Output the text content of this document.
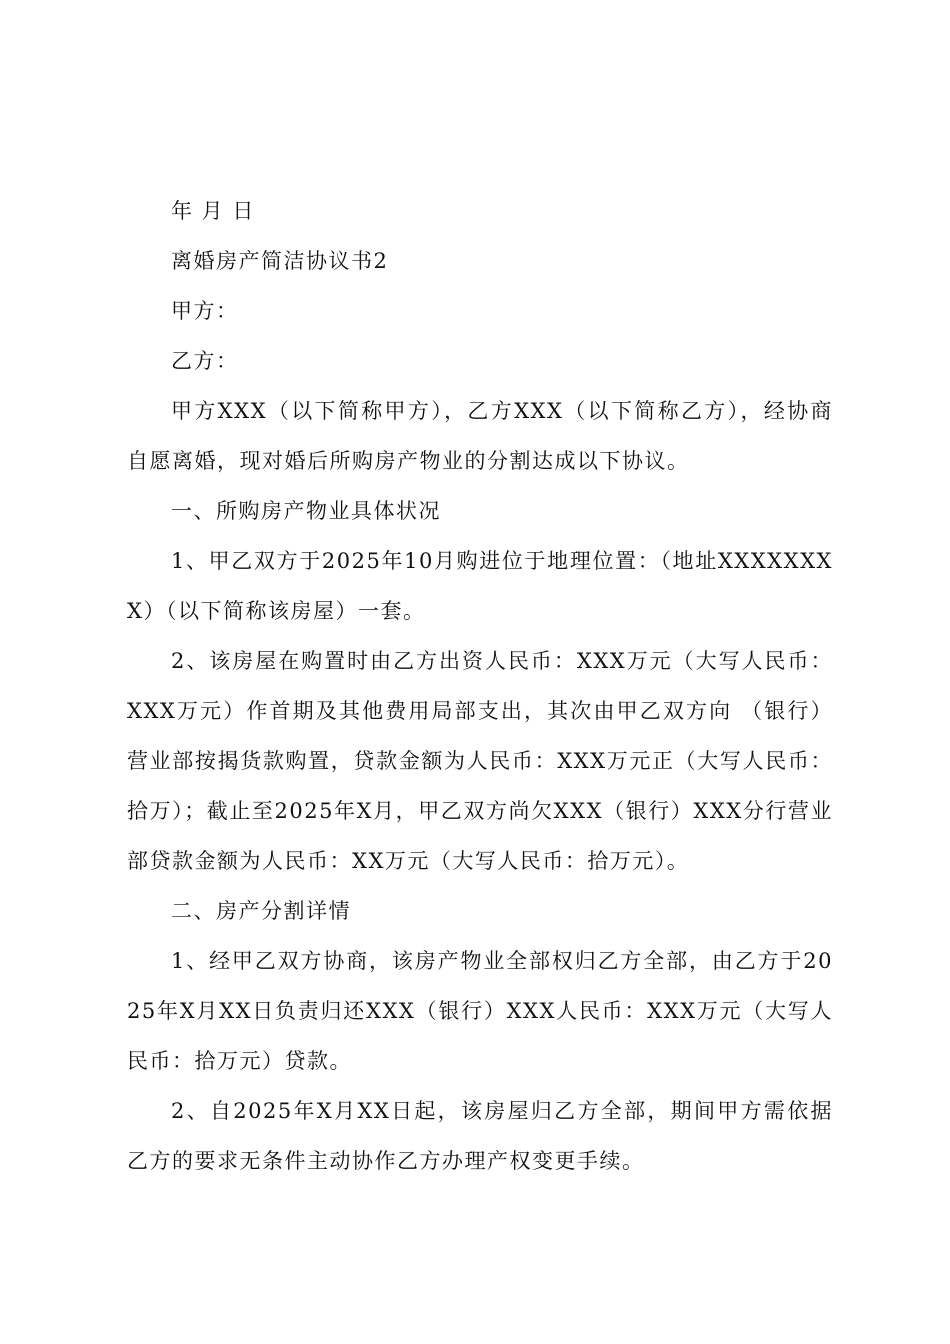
年 月 日

离婚房产简洁协议书2

甲方：

乙方：

甲方XXX（以下简称甲方），乙方XXX（以下简称乙方），经协商自愿离婚，现对婚后所购房产物业的分割达成以下协议。

一、所购房产物业具体状况

1、甲乙双方于2025年10月购进位于地理位置：（地址XXXXXXXX）（以下简称该房屋）一套。

2、该房屋在购置时由乙方出资人民币：XXX万元（大写人民币：XXX万元）作首期及其他费用局部支出，其次由甲乙双方向 （银行）营业部按揭货款购置，贷款金额为人民币：XXX万元正（大写人民币：拾万）；截止至2025年X月，甲乙双方尚欠XXX（银行）XXX分行营业部贷款金额为人民币：XX万元（大写人民币：拾万元）。

二、房产分割详情

1、经甲乙双方协商，该房产物业全部权归乙方全部，由乙方于2025年X月XX日负责归还XXX（银行）XXX人民币：XXX万元（大写人民币：拾万元）贷款。

2、自2025年X月XX日起，该房屋归乙方全部，期间甲方需依据乙方的要求无条件主动协作乙方办理产权变更手续。
